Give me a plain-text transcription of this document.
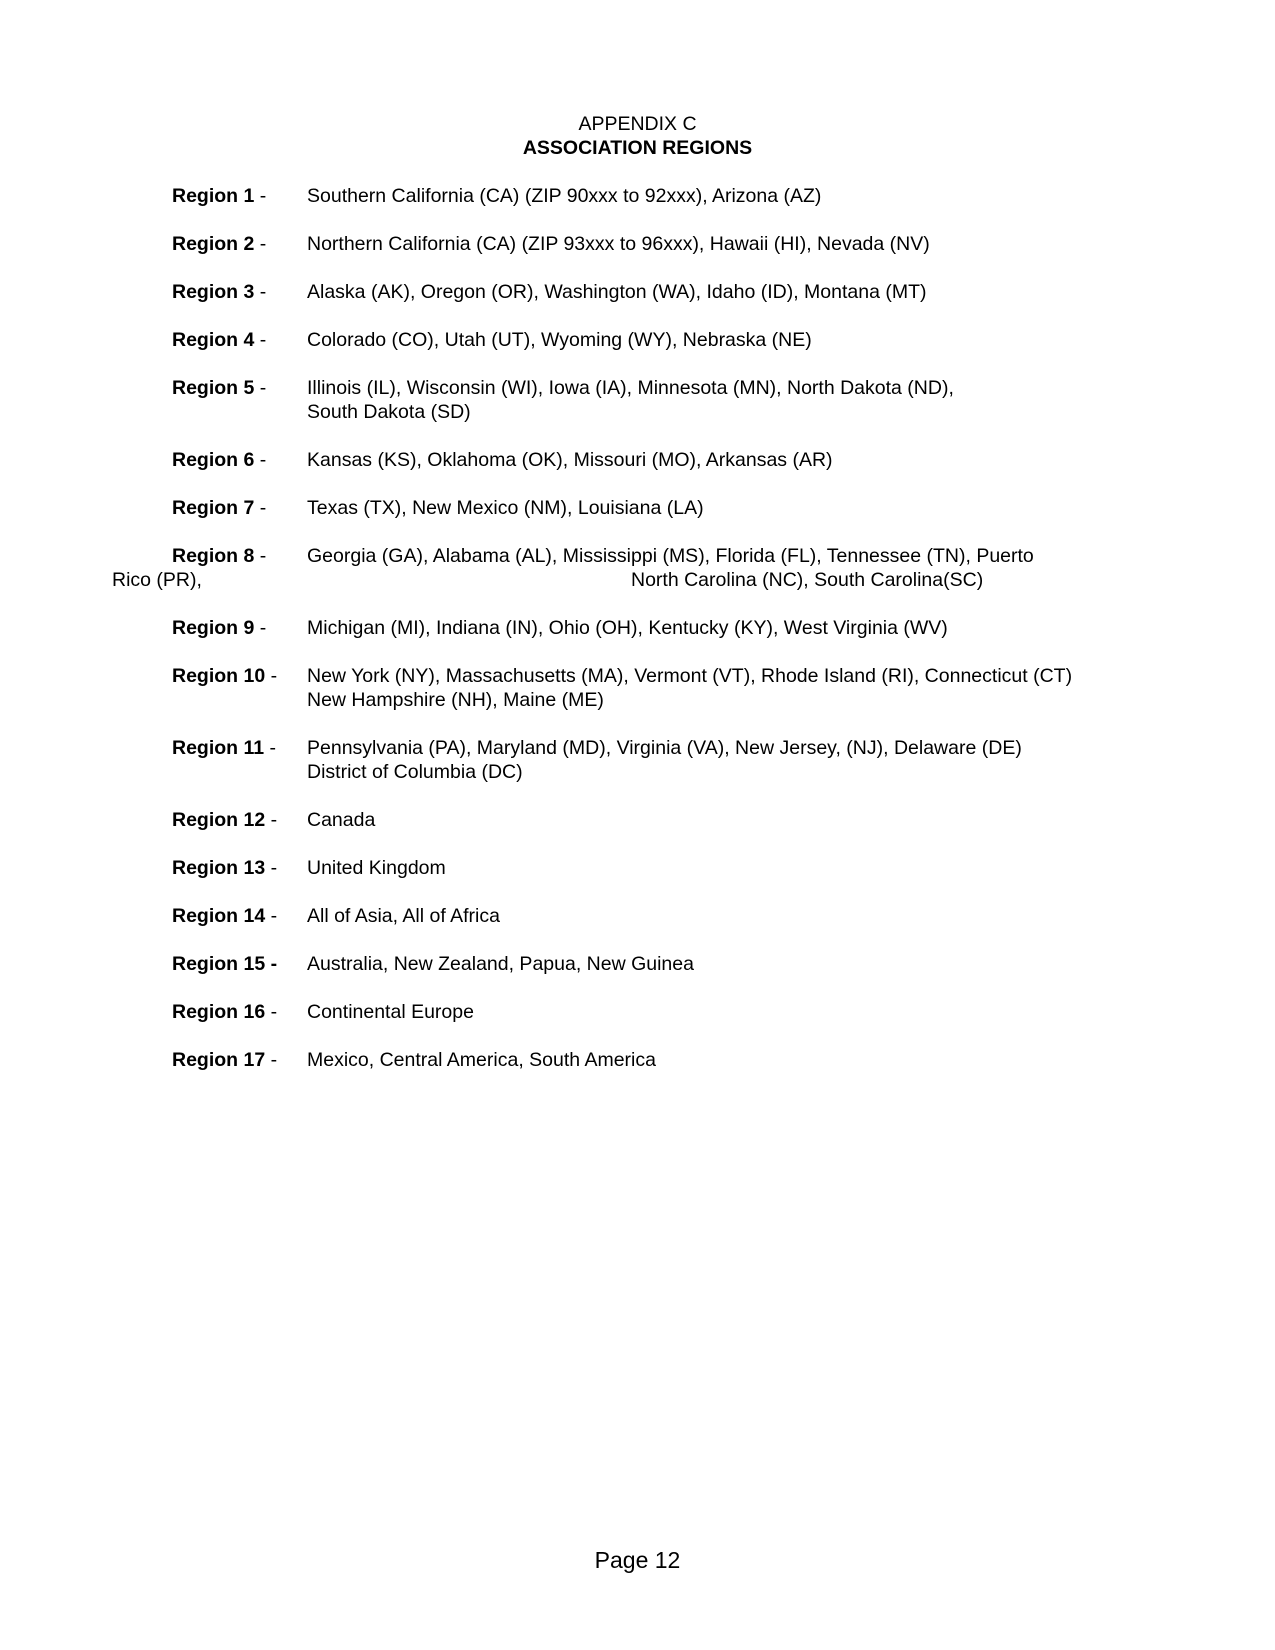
APPENDIX C
ASSOCIATION REGIONS
Region 1 - Southern California (CA) (ZIP 90xxx to 92xxx), Arizona (AZ)
Region 2 - Northern California (CA) (ZIP 93xxx to 96xxx), Hawaii (HI), Nevada (NV)
Region 3 - Alaska (AK), Oregon (OR), Washington (WA), Idaho (ID), Montana (MT)
Region 4 - Colorado (CO), Utah (UT), Wyoming (WY), Nebraska (NE)
Region 5 - Illinois (IL), Wisconsin (WI), Iowa (IA), Minnesota (MN), North Dakota (ND),
South Dakota (SD)
Region 6 - Kansas (KS), Oklahoma (OK), Missouri (MO), Arkansas (AR)
Region 7 - Texas (TX), New Mexico (NM), Louisiana (LA)
Region 8 - Georgia (GA), Alabama (AL), Mississippi (MS), Florida (FL), Tennessee (TN), Puerto
Rico (PR),	North Carolina (NC), South Carolina(SC)
Region 9 - Michigan (MI), Indiana (IN), Ohio (OH), Kentucky (KY), West Virginia (WV)
Region 10 - New York (NY), Massachusetts (MA), Vermont (VT), Rhode Island (RI), Connecticut (CT)
New Hampshire (NH), Maine (ME)
Region 11 - Pennsylvania (PA), Maryland (MD), Virginia (VA), New Jersey, (NJ), Delaware (DE)
District of Columbia (DC)
Region 12 - Canada
Region 13 - United Kingdom
Region 14 - All of Asia, All of Africa
Region 15 - Australia, New Zealand, Papua, New Guinea
Region 16 - Continental Europe
Region 17 - Mexico, Central America, South America
Page 12
